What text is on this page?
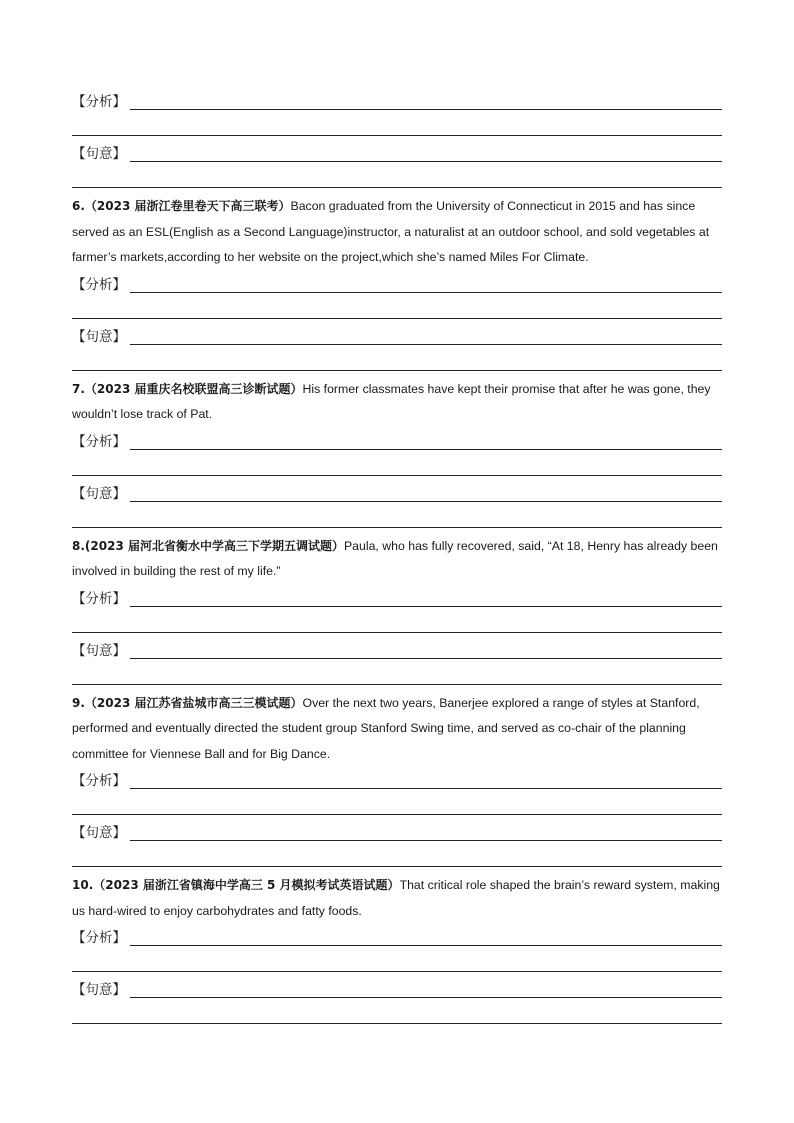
【分析】
【句意】

6.（2023 届浙江卷里卷天下高三联考）Bacon graduated from the University of Connecticut in 2015 and has since served as an ESL(English as a Second Language)instructor, a naturalist at an outdoor school, and sold vegetables at farmer’s markets,according to her website on the project,which she’s named Miles For Climate.

【分析】
【句意】

7.（2023 届重庆名校联盟高三诊断试题）His former classmates have kept their promise that after he was gone, they wouldn’t lose track of Pat.

【分析】
【句意】

8.(2023 届河北省衡水中学高三下学期五调试题）Paula, who has fully recovered, said, “At 18, Henry has already been involved in building the rest of my life.”

【分析】
【句意】

9.（2023 届江苏省盐城市高三三模试题）Over the next two years, Banerjee explored a range of styles at Stanford, performed and eventually directed the student group Stanford Swing time, and served as co-chair of the planning committee for Viennese Ball and for Big Dance.

【分析】
【句意】

10.（2023 届浙江省镇海中学高三 5 月模拟考试英语试题）That critical role shaped the brain’s reward system, making us hard-wired to enjoy carbohydrates and fatty foods.

【分析】
【句意】
